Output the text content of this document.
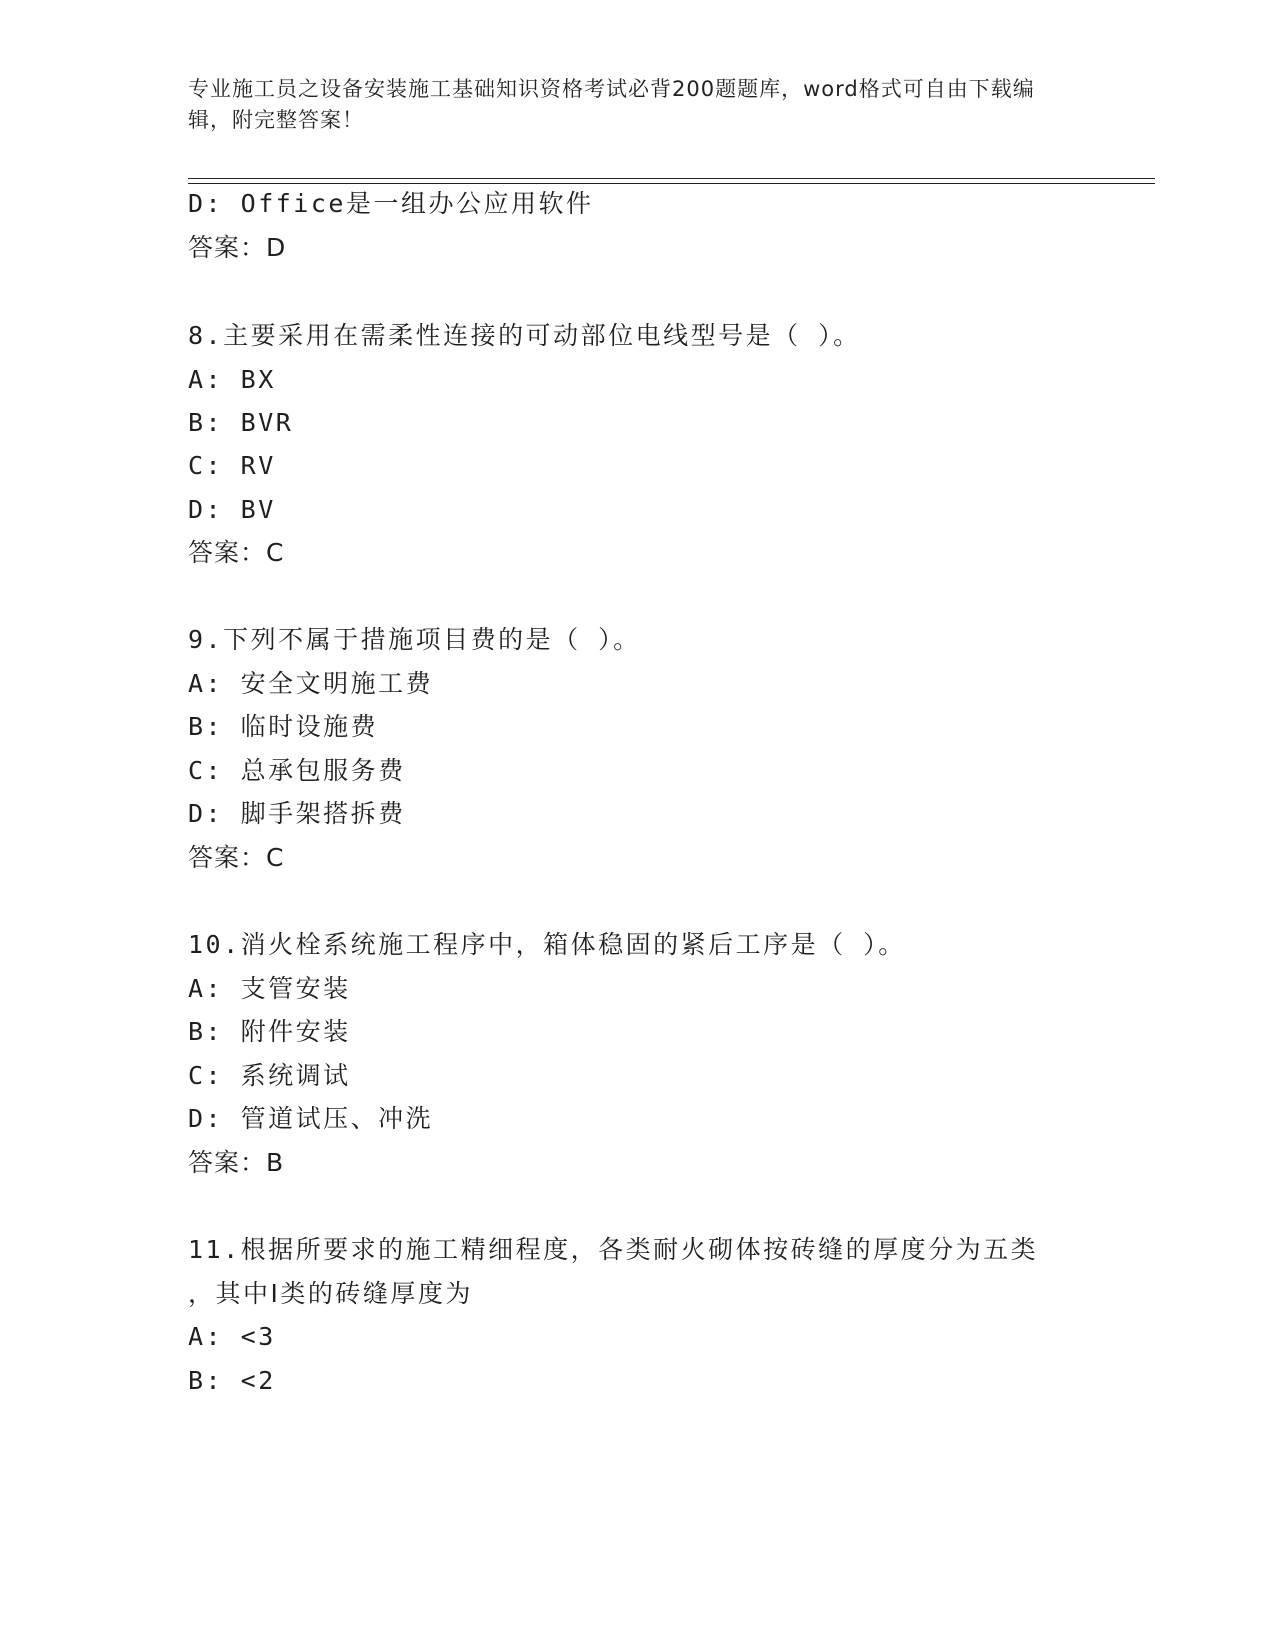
专业施工员之设备安装施工基础知识资格考试必背200题题库，word格式可自由下载编辑，附完整答案！
D: Office是一组办公应用软件
答案：D
8.主要采用在需柔性连接的可动部位电线型号是（ ）。
A: BX
B: BVR
C: RV
D: BV
答案：C
9.下列不属于措施项目费的是（ ）。
A: 安全文明施工费
B: 临时设施费
C: 总承包服务费
D: 脚手架搭拆费
答案：C
10.消火栓系统施工程序中，箱体稳固的紧后工序是（ ）。
A: 支管安装
B: 附件安装
C: 系统调试
D: 管道试压、冲洗
答案：B
11.根据所要求的施工精细程度，各类耐火砌体按砖缝的厚度分为五类
，其中Ⅰ类的砖缝厚度为
A: <3
B: <2
